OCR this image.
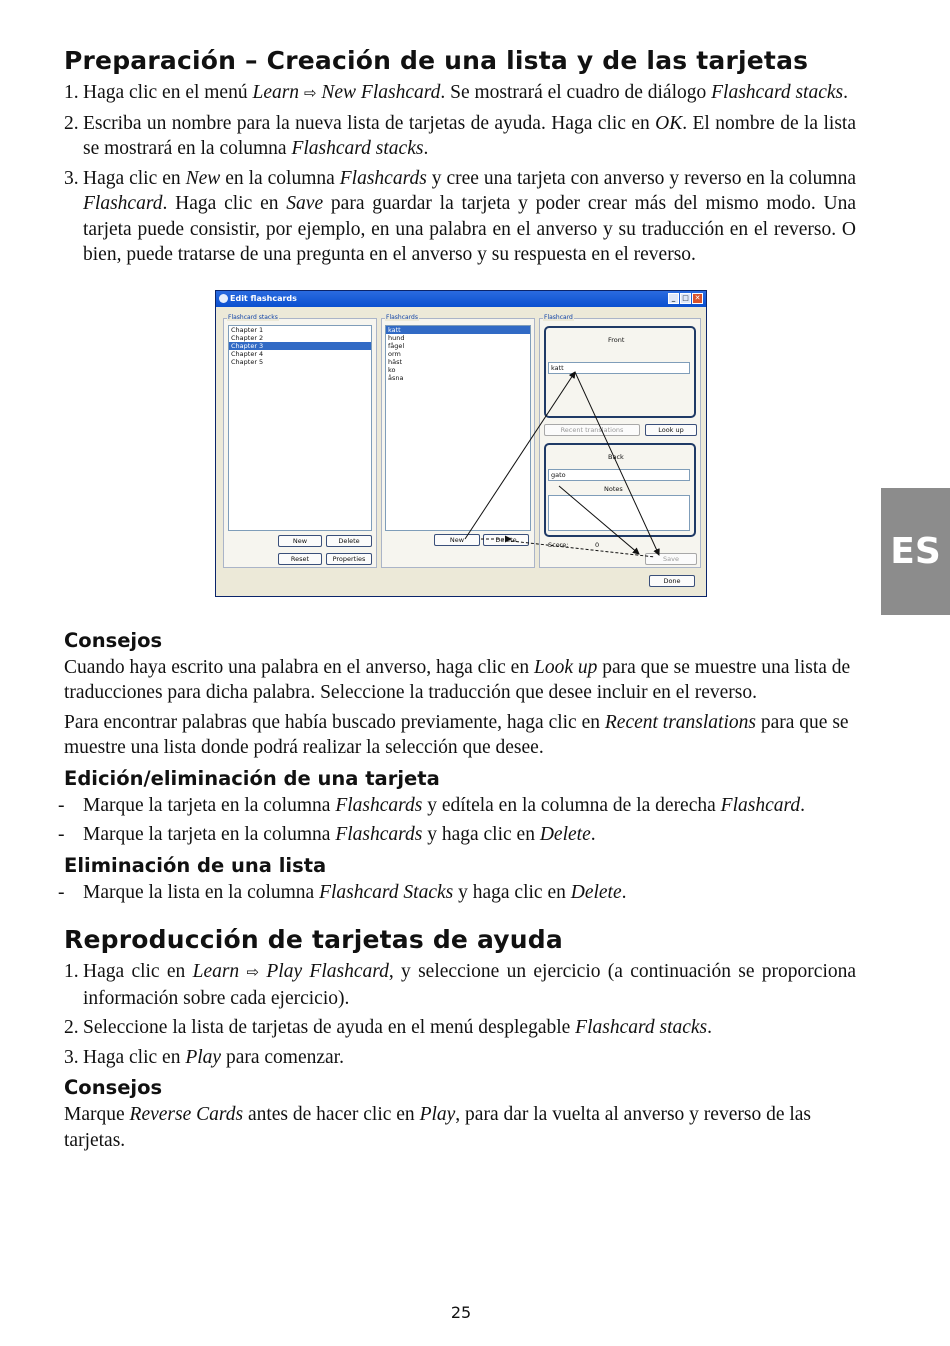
Preparación – Creación de una lista y de las tarjetas
1. Haga clic en el menú Learn ⇨ New Flashcard. Se mostrará el cuadro de diálogo Flashcard stacks.
2. Escriba un nombre para la nueva lista de tarjetas de ayuda. Haga clic en OK. El nombre de la lista se mostrará en la columna Flashcard stacks.
3. Haga clic en New en la columna Flashcards y cree una tarjeta con anverso y reverso en la columna Flashcard. Haga clic en Save para guardar la tarjeta y poder crear más del mismo modo. Una tarjeta puede consistir, por ejemplo, en una palabra en el anverso y su traducción en el reverso. O bien, puede tratarse de una pregunta en el anverso y su respuesta en el reverso.
Edit flashcards	_ □ ✕
Flashcard stacks
Chapter 1
Chapter 2
Chapter 3
Chapter 4
Chapter 5
New	Delete
Reset	Properties
Flashcards
katt
hund
fågel
orm
häst
ko
åsna
New	Delete
Flashcard
Front
katt
Recent translations	Look up
Back
gato
Notes
Score:	0
Save
Done
Consejos

Cuando haya escrito una palabra en el anverso, haga clic en Look up para que se muestre una lista de traducciones para dicha palabra. Seleccione la traducción que desee incluir en el reverso.

Para encontrar palabras que había buscado previamente, haga clic en Recent translations para que se muestre una lista donde podrá realizar la selección que desee.

Edición/eliminación de una tarjeta
- Marque la tarjeta en la columna Flashcards y edítela en la columna de la derecha Flashcard.
- Marque la tarjeta en la columna Flashcards y haga clic en Delete.
Eliminación de una lista
- Marque la lista en la columna Flashcard Stacks y haga clic en Delete.
Reproducción de tarjetas de ayuda
1. Haga clic en Learn ⇨ Play Flashcard, y seleccione un ejercicio (a continuación se proporciona información sobre cada ejercicio).
2. Seleccione la lista de tarjetas de ayuda en el menú desplegable Flashcard stacks.
3. Haga clic en Play para comenzar.
Consejos

Marque Reverse Cards antes de hacer clic en Play, para dar la vuelta al anverso y reverso de las tarjetas.

ES
25
